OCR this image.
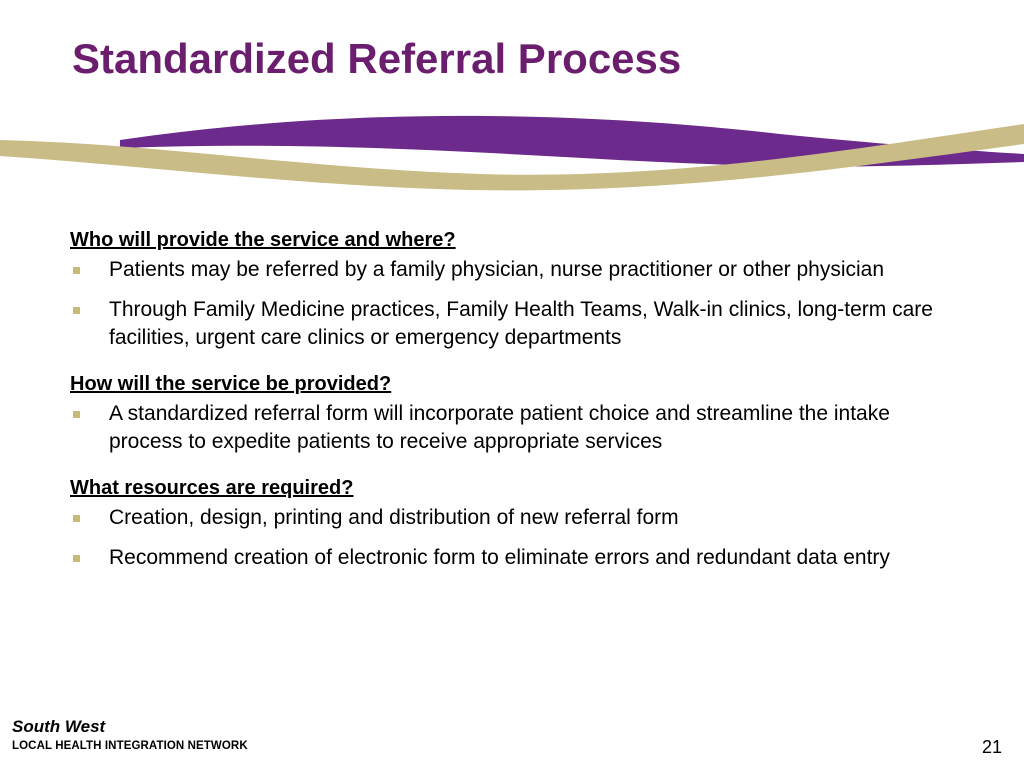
Standardized Referral Process
Who will provide the service and where?
Patients may be referred by a family physician, nurse practitioner or other physician
Through Family Medicine practices, Family Health Teams, Walk-in clinics, long-term care facilities, urgent care clinics or emergency departments
How will the service be provided?
A standardized referral form will incorporate patient choice and streamline the intake process to expedite patients to receive appropriate services
What resources are required?
Creation, design, printing and distribution of new referral form
Recommend creation of electronic form to eliminate errors and redundant data entry
South West
LOCAL HEALTH INTEGRATION NETWORK	21
